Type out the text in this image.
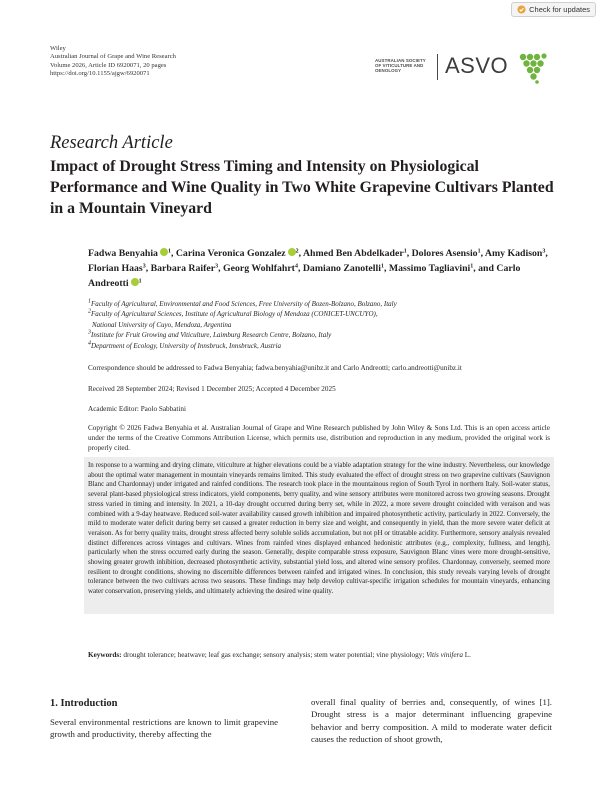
Check for updates
Wiley
Australian Journal of Grape and Wine Research
Volume 2026, Article ID 6920071, 20 pages
https://doi.org/10.1155/ajgw/6920071
AUSTRALIAN SOCIETY
OF VITICULTURE AND
OENOLOGY	ASVO
Research Article
Impact of Drought Stress Timing and Intensity on Physiological Performance and Wine Quality in Two White Grapevine Cultivars Planted in a Mountain Vineyard
Fadwa Benyahia $^1$, Carina Veronica Gonzalez $^2$, Ahmed Ben Abdelkader$^1$, Dolores Asensio$^1$, Amy Kadison$^3$, Florian Haas$^3$, Barbara Raifer$^3$, Georg Wohlfahrt$^4$, Damiano Zanotelli$^1$, Massimo Tagliavini$^1$, and Carlo Andreotti $^1$
$^1$Faculty of Agricultural, Environmental and Food Sciences, Free University of Bozen-Bolzano, Bolzano, Italy
$^2$Faculty of Agricultural Sciences, Institute of Agricultural Biology of Mendoza (CONICET-UNCUYO),
National University of Cuyo, Mendoza, Argentina
$^3$Institute for Fruit Growing and Viticulture, Laimburg Research Centre, Bolzano, Italy
$^4$Department of Ecology, University of Innsbruck, Innsbruck, Austria
Correspondence should be addressed to Fadwa Benyahia; fadwa.benyahia@unibz.it and Carlo Andreotti; carlo.andreotti@unibz.it
Received 28 September 2024; Revised 1 December 2025; Accepted 4 December 2025
Academic Editor: Paolo Sabbatini
Copyright © 2026 Fadwa Benyahia et al. Australian Journal of Grape and Wine Research published by John Wiley & Sons Ltd. This is an open access article under the terms of the Creative Commons Attribution License, which permits use, distribution and reproduction in any medium, provided the original work is properly cited.

In response to a warming and drying climate, viticulture at higher elevations could be a viable adaptation strategy for the wine industry. Nevertheless, our knowledge about the optimal water management in mountain vineyards remains limited. This study evaluated the effect of drought stress on two grapevine cultivars (Sauvignon Blanc and Chardonnay) under irrigated and rainfed conditions. The research took place in the mountainous region of South Tyrol in northern Italy. Soil-water status, several plant-based physiological stress indicators, yield components, berry quality, and wine sensory attributes were monitored across two growing seasons. Drought stress varied in timing and intensity. In 2021, a 10-day drought occurred during berry set, while in 2022, a more severe drought coincided with veraison and was combined with a 9-day heatwave. Reduced soil-water availability caused growth inhibition and impaired photosynthetic activity, particularly in 2022. Conversely, the mild to moderate water deficit during berry set caused a greater reduction in berry size and weight, and consequently in yield, than the more severe water deficit at veraison. As for berry quality traits, drought stress affected berry soluble solids accumulation, but not pH or titratable acidity. Furthermore, sensory analysis revealed distinct differences across vintages and cultivars. Wines from rainfed vines displayed enhanced hedonistic attributes (e.g., complexity, fullness, and length), particularly when the stress occurred early during the season. Generally, despite comparable stress exposure, Sauvignon Blanc vines were more drought-sensitive, showing greater growth inhibition, decreased photosynthetic activity, substantial yield loss, and altered wine sensory profiles. Chardonnay, conversely, seemed more resilient to drought conditions, showing no discernible differences between rainfed and irrigated wines. In conclusion, this study reveals varying levels of drought tolerance between the two cultivars across two seasons. These findings may help develop cultivar-specific irrigation schedules for mountain vineyards, enhancing water conservation, preserving yields, and ultimately achieving the desired wine quality.

Keywords: drought tolerance; heatwave; leaf gas exchange; sensory analysis; stem water potential; vine physiology; Vitis vinifera L.
1. Introduction

Several environmental restrictions are known to limit grapevine growth and productivity, thereby affecting the

overall final quality of berries and, consequently, of wines [1]. Drought stress is a major determinant influencing grapevine behavior and berry composition. A mild to moderate water deficit causes the reduction of shoot growth,
